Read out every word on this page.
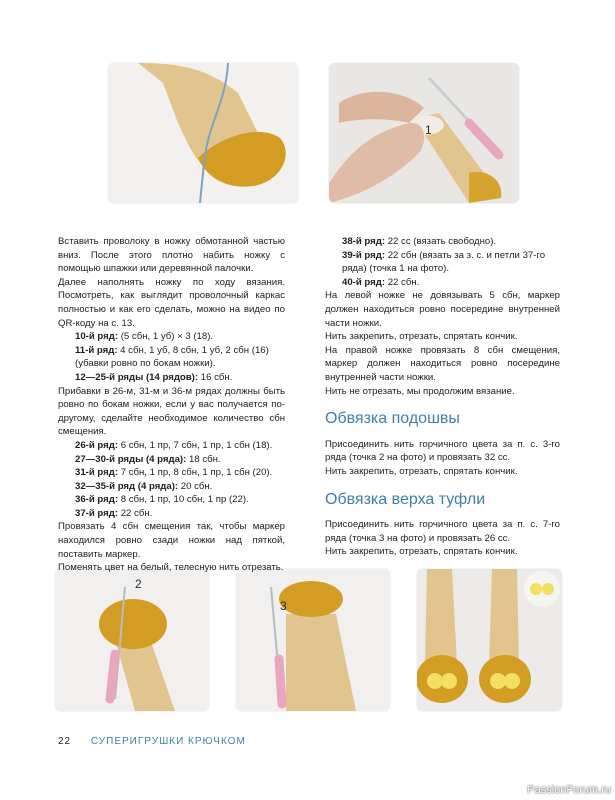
1
2
3

Вставить проволоку в ножку обмотанной частью вниз. После этого плотно набить ножку с помощью шпажки или деревянной палочки.

Далее наполнять ножку по ходу вязания. Посмотреть, как выглядит проволочный каркас полностью и как его сделать, можно на видео по QR-коду на с. 13.

10-й ряд: (5 сбн, 1 уб) × 3 (18).

11-й ряд: 4 сбн, 1 уб, 8 сбн, 1 уб, 2 сбн (16) (убавки ровно по бокам ножки).

12—25-й ряды (14 рядов): 16 сбн.

Прибавки в 26-м, 31-м и 36-м рядах должны быть ровно по бокам ножки, если у вас получается по-другому, сделайте необходимое количество сбн смещения.

26-й ряд: 6 сбн, 1 пр, 7 сбн, 1 пр, 1 сбн (18).

27—30-й ряды (4 ряда): 18 сбн.

31-й ряд: 7 сбн, 1 пр, 8 сбн, 1 пр, 1 сбн (20).

32—35-й ряд (4 ряда): 20 сбн.

36-й ряд: 8 сбн, 1 пр, 10 сбн, 1 пр (22).

37-й ряд: 22 сбн.

Провязать 4 сбн смещения так, чтобы маркер находился ровно сзади ножки над пяткой, поставить маркер.

Поменять цвет на белый, телесную нить отрезать.

38-й ряд: 22 сс (вязать свободно).

39-й ряд: 22 сбн (вязать за з. с. и петли 37-го ряда) (точка 1 на фото).

40-й ряд: 22 сбн.

На левой ножке не довязывать 5 сбн, маркер должен находиться ровно посередине внутренней части ножки.

Нить закрепить, отрезать, спрятать кончик.

На правой ножке провязать 8 сбн смещения, маркер должен находиться ровно посередине внутренней части ножки.

Нить не отрезать, мы продолжим вязание.

Обвязка подошвы

Присоединить нить горчичного цвета за п. с. 3-го ряда (точка 2 на фото) и провязать 32 сс.

Нить закрепить, отрезать, спрятать кончик.

Обвязка верха туфли

Присоединить нить горчичного цвета за п. с. 7-го ряда (точка 3 на фото) и провязать 26 сс.

Нить закрепить, отрезать, спрятать кончик.

22 СУПЕРИГРУШКИ КРЮЧКОМ
PassionForum.ru
